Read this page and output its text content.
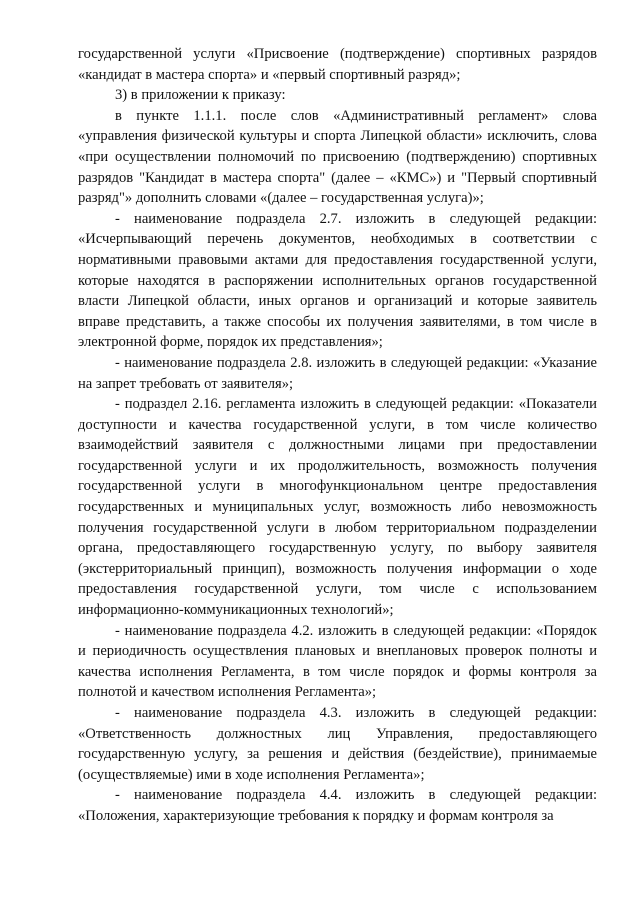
государственной услуги «Присвоение (подтверждение) спортивных разрядов «кандидат в мастера спорта» и «первый спортивный разряд»;

3) в приложении к приказу:

в пункте 1.1.1. после слов «Административный регламент» слова «управления физической культуры и спорта Липецкой области» исключить, слова «при осуществлении полномочий по присвоению (подтверждению) спортивных разрядов "Кандидат в мастера спорта" (далее – «КМС») и "Первый спортивный разряд"» дополнить словами «(далее – государственная услуга)»;

- наименование подраздела 2.7. изложить в следующей редакции: «Исчерпывающий перечень документов, необходимых в соответствии с нормативными правовыми актами для предоставления государственной услуги, которые находятся в распоряжении исполнительных органов государственной власти Липецкой области, иных органов и организаций и которые заявитель вправе представить, а также способы их получения заявителями, в том числе в электронной форме, порядок их представления»;

- наименование подраздела 2.8. изложить в следующей редакции: «Указание на запрет требовать от заявителя»;

- подраздел 2.16. регламента изложить в следующей редакции: «Показатели доступности и качества государственной услуги, в том числе количество взаимодействий заявителя с должностными лицами при предоставлении государственной услуги и их продолжительность, возможность получения государственной услуги в многофункциональном центре предоставления государственных и муниципальных услуг, возможность либо невозможность получения государственной услуги в любом территориальном подразделении органа, предоставляющего государственную услугу, по выбору заявителя (экстерриториальный принцип), возможность получения информации о ходе предоставления государственной услуги, том числе с использованием информационно-коммуникационных технологий»;

- наименование подраздела 4.2. изложить в следующей редакции: «Порядок и периодичность осуществления плановых и внеплановых проверок полноты и качества исполнения Регламента, в том числе порядок и формы контроля за полнотой и качеством исполнения Регламента»;

- наименование подраздела 4.3. изложить в следующей редакции: «Ответственность должностных лиц Управления, предоставляющего государственную услугу, за решения и действия (бездействие), принимаемые (осуществляемые) ими в ходе исполнения Регламента»;

- наименование подраздела 4.4. изложить в следующей редакции: «Положения, характеризующие требования к порядку и формам контроля за
